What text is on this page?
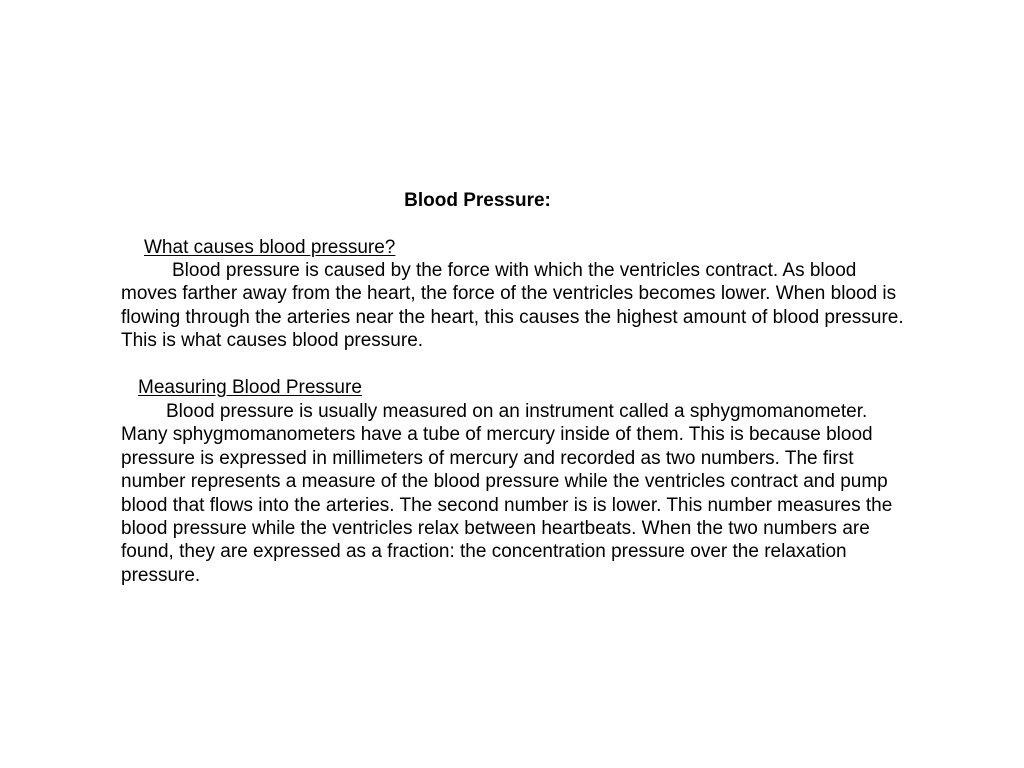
Blood Pressure:
What causes blood pressure?

Blood pressure is caused by the force with which the ventricles contract. As blood moves farther away from the heart, the force of the ventricles becomes lower. When blood is flowing through the arteries near the heart, this causes the highest amount of blood pressure. This is what causes blood pressure.

Measuring Blood Pressure

Blood pressure is usually measured on an instrument called a sphygmomanometer. Many sphygmomanometers have a tube of mercury inside of them. This is because blood pressure is expressed in millimeters of mercury and recorded as two numbers. The first number represents a measure of the blood pressure while the ventricles contract and pump blood that flows into the arteries. The second number is is lower. This number measures the blood pressure while the ventricles relax between heartbeats. When the two numbers are found, they are expressed as a fraction: the concentration pressure over the relaxation pressure.
